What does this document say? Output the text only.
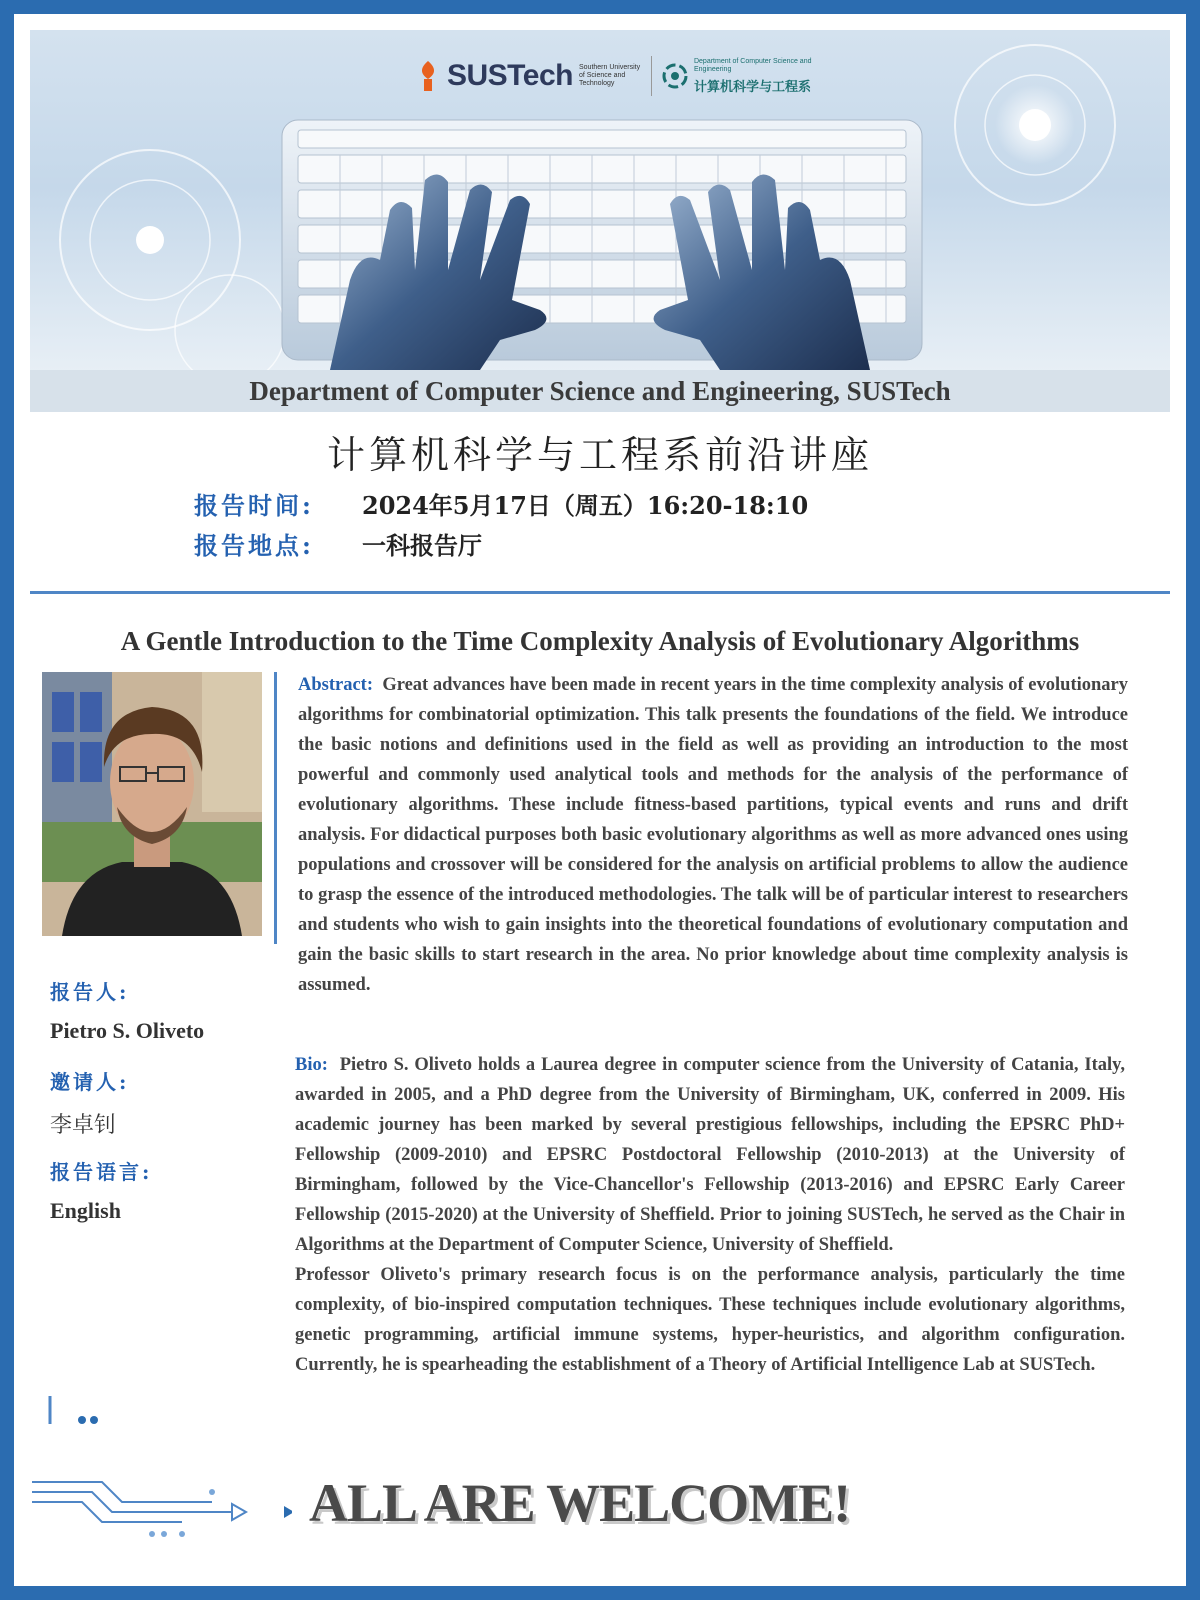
SUSTech Southern University of Science and Technology
Department of Computer Science and Engineering
计算机科学与工程系
Department of Computer Science and Engineering, SUSTech
计算机科学与工程系前沿讲座
报告时间:	2024年5月17日（周五）16:20-18:10
报告地点:	一科报告厅
A Gentle Introduction to the Time Complexity Analysis of Evolutionary Algorithms
报告人:
Pietro S. Oliveto
邀请人:
李卓钊
报告语言:
English
Abstract: Great advances have been made in recent years in the time complexity analysis of evolutionary algorithms for combinatorial optimization. This talk presents the foundations of the field. We introduce the basic notions and definitions used in the field as well as providing an introduction to the most powerful and commonly used analytical tools and methods for the analysis of the performance of evolutionary algorithms. These include fitness-based partitions, typical events and runs and drift analysis. For didactical purposes both basic evolutionary algorithms as well as more advanced ones using populations and crossover will be considered for the analysis on artificial problems to allow the audience to grasp the essence of the introduced methodologies. The talk will be of particular interest to researchers and students who wish to gain insights into the theoretical foundations of evolutionary computation and gain the basic skills to start research in the area. No prior knowledge about time complexity analysis is assumed.
Bio: Pietro S. Oliveto holds a Laurea degree in computer science from the University of Catania, Italy, awarded in 2005, and a PhD degree from the University of Birmingham, UK, conferred in 2009. His academic journey has been marked by several prestigious fellowships, including the EPSRC PhD+ Fellowship (2009-2010) and EPSRC Postdoctoral Fellowship (2010-2013) at the University of Birmingham, followed by the Vice-Chancellor's Fellowship (2013-2016) and EPSRC Early Career Fellowship (2015-2020) at the University of Sheffield. Prior to joining SUSTech, he served as the Chair in Algorithms at the Department of Computer Science, University of Sheffield.
Professor Oliveto's primary research focus is on the performance analysis, particularly the time complexity, of bio-inspired computation techniques. These techniques include evolutionary algorithms, genetic programming, artificial immune systems, hyper-heuristics, and algorithm configuration. Currently, he is spearheading the establishment of a Theory of Artificial Intelligence Lab at SUSTech.
ALL ARE WELCOME!
